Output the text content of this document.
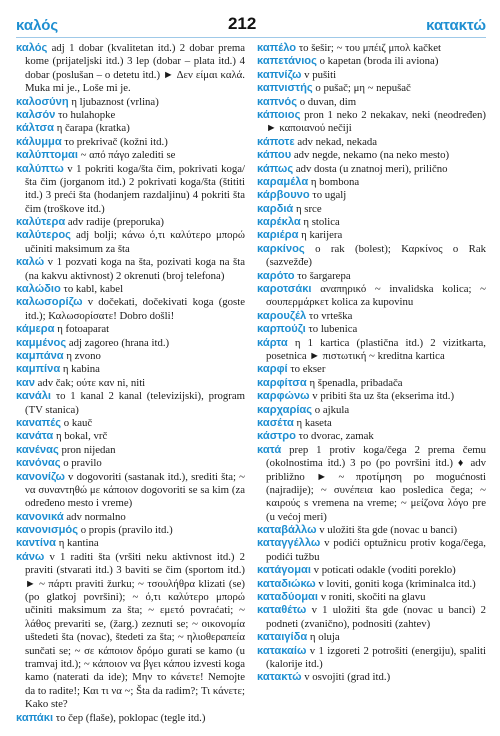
καλός	212	κατακτώ
καλός adj 1 dobar (kvalitetan itd.) 2 dobar prema kome (prijateljski itd.) 3 lep (dobar – plata itd.) 4 dobar (poslušan – o detetu itd.) ► Δεν είμαι καλά. Muka mi je., Loše mi je.
καλοσύνη η ljubaznost (vrlina)
καλσόν το hulahopke
κάλτσα η čarapa (kratka)
κάλυμμα το prekrivač (kožni itd.)
καλύπτομαι ~ από πάγο zalediti se
καλύπτω v 1 pokriti koga/šta čim, pokrivati koga/šta čim (jorganom itd.) 2 pokrivati koga/šta (štititi itd.) 3 preći šta (hodanjem razdaljinu) 4 pokriti šta čim (troškove itd.)
καλύτερα adv radije (preporuka)
καλύτερος adj bolji; κάνω ό,τι καλύτερο μπορώ učiniti maksimum za šta
καλώ v 1 pozvati koga na šta, pozivati koga na šta (na kakvu aktivnost) 2 okrenuti (broj telefona)
καλώδιο το kabl, kabel
καλωσορίζω v dočekati, dočekivati koga (goste itd.); Καλωσορίσατε! Dobro došli!
κάμερα η fotoaparat
καμμένος adj zagoreo (hrana itd.)
καμπάνα η zvono
καμπίνα η kabina
καν adv čak; ούτε καν ni, niti
κανάλι το 1 kanal 2 kanal (televizijski), program (TV stanica)
καναπές ο kauč
κανάτα η bokal, vrč
κανένας pron nijedan
κανόνας ο pravilo
κανονίζω v dogovoriti (sastanak itd.), srediti šta; ~ να συναντηθώ με κάποιον dogovoriti se sa kim (za određeno mesto i vreme)
κανονικά adv normalno
κανονισμός ο propis (pravilo itd.)
καντίνα η kantina
κάνω v 1 raditi šta (vršiti neku aktivnost itd.) 2 praviti (stvarati itd.) 3 baviti se čim (sportom itd.) ► ~ πάρτι praviti žurku; ~ τσουλήθρα klizati (se) (po glatkoj površini); ~ ό,τι καλύτερο μπορώ učiniti maksimum za šta; ~ εμετό povraćati; ~ λάθος prevariti se, (žarg.) zeznuti se; ~ οικονομία uštedeti šta (novac), štedeti za šta; ~ ηλιοθεραπεία sunčati se; ~ σε κάποιον δρόμο gurati se kamo (u tramvaj itd.); ~ κάποιον να βγει κάπου izvesti koga kamo (naterati da ide); Μην το κάνετε! Nemojte da to radite!; Και τι να ~; Šta da radim?; Τι κάνετε; Kako ste?
καπάκι το čep (flaše), poklopac (tegle itd.)
καπέλο το šešir; ~ του μπέιζ μπολ kačket
καπετάνιος ο kapetan (broda ili aviona)
καπνίζω v pušiti
καπνιστής ο pušač; μη ~ nepušač
καπνός ο duvan, dim
κάποιος pron 1 neko 2 nekakav, neki (neodređen) ► καποιανού nečiji
κάποτε adv nekad, nekada
κάπου adv negde, nekamo (na neko mesto)
κάπως adv dosta (u znatnoj meri), prilično
καραμέλα η bombona
κάρβουνο το ugalj
καρδιά η srce
καρέκλα η stolica
καριέρα η karijera
καρκίνος ο rak (bolest); Καρκίνος ο Rak (sazvežđe)
καρότο το šargarepa
καροτσάκι αναπηρικό ~ invalidska kolica; ~ σουπερμάρκετ kolica za kupovinu
καρουζέλ το vrteška
καρπούζι το lubenica
κάρτα η 1 kartica (plastična itd.) 2 vizitkarta, posetnica ► πιστωτική ~ kreditna kartica
καρφί το ekser
καρφίτσα η špenadla, pribadača
καρφώνω v pribiti šta uz šta (ekserima itd.)
καρχαρίας ο ajkula
κασέτα η kaseta
κάστρο το dvorac, zamak
κατά prep 1 protiv koga/čega 2 prema čemu (okolnostima itd.) 3 po (po površini itd.) ♦ adv približno ► ~ προτίμηση po mogućnosti (najradije); ~ συνέπεια kao posledica čega; ~ καιρούς s vremena na vreme; ~ μείζονα λόγο pre (u većoj meri)
καταβάλλω v uložiti šta gde (novac u banci)
καταγγέλλω v podići optužnicu protiv koga/čega, podići tužbu
κατάγομαι v poticati odakle (voditi poreklo)
καταδιώκω v loviti, goniti koga (kriminalca itd.)
καταδύομαι v roniti, skočiti na glavu
καταθέτω v 1 uložiti šta gde (novac u banci) 2 podneti (zvanično), podnositi (zahtev)
καταιγίδα η oluja
κατακαίω v 1 izgoreti 2 potrošiti (energiju), spaliti (kalorije itd.)
κατακτώ v osvojiti (grad itd.)
